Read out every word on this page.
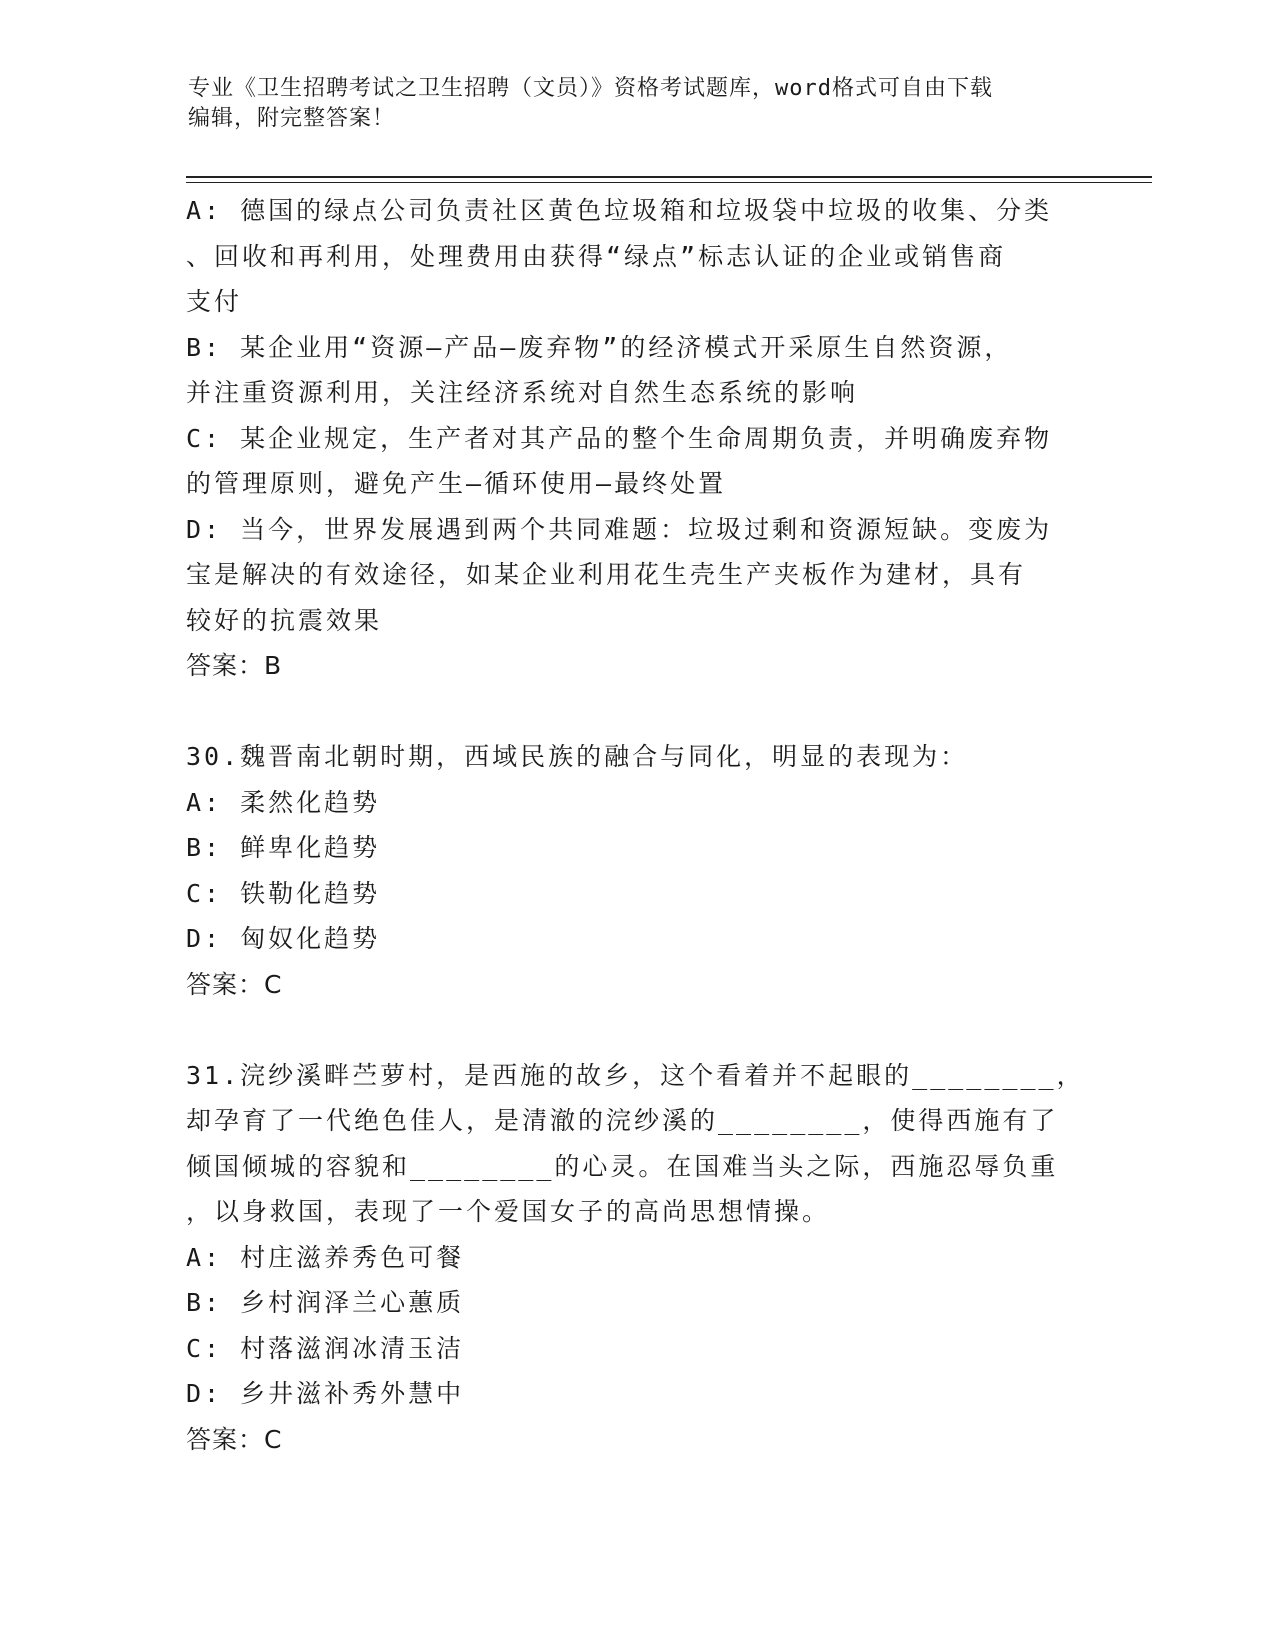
专业《卫生招聘考试之卫生招聘（文员）》资格考试题库，word格式可自由下载
编辑，附完整答案！

A: 德国的绿点公司负责社区黄色垃圾箱和垃圾袋中垃圾的收集、分类

、回收和再利用，处理费用由获得“绿点”标志认证的企业或销售商

支付

B: 某企业用“资源—产品—废弃物”的经济模式开采原生自然资源，

并注重资源利用，关注经济系统对自然生态系统的影响

C: 某企业规定，生产者对其产品的整个生命周期负责，并明确废弃物

的管理原则，避免产生—循环使用—最终处置

D: 当今，世界发展遇到两个共同难题：垃圾过剩和资源短缺。变废为

宝是解决的有效途径，如某企业利用花生壳生产夹板作为建材，具有

较好的抗震效果

答案：B

30.魏晋南北朝时期，西域民族的融合与同化，明显的表现为：

A: 柔然化趋势

B: 鲜卑化趋势

C: 铁勒化趋势

D: 匈奴化趋势

答案：C

31.浣纱溪畔苎萝村，是西施的故乡，这个看着并不起眼的________，

却孕育了一代绝色佳人，是清澈的浣纱溪的________，使得西施有了

倾国倾城的容貌和________的心灵。在国难当头之际，西施忍辱负重

，以身救国，表现了一个爱国女子的高尚思想情操。

A: 村庄滋养秀色可餐

B: 乡村润泽兰心蕙质

C: 村落滋润冰清玉洁

D: 乡井滋补秀外慧中

答案：C
